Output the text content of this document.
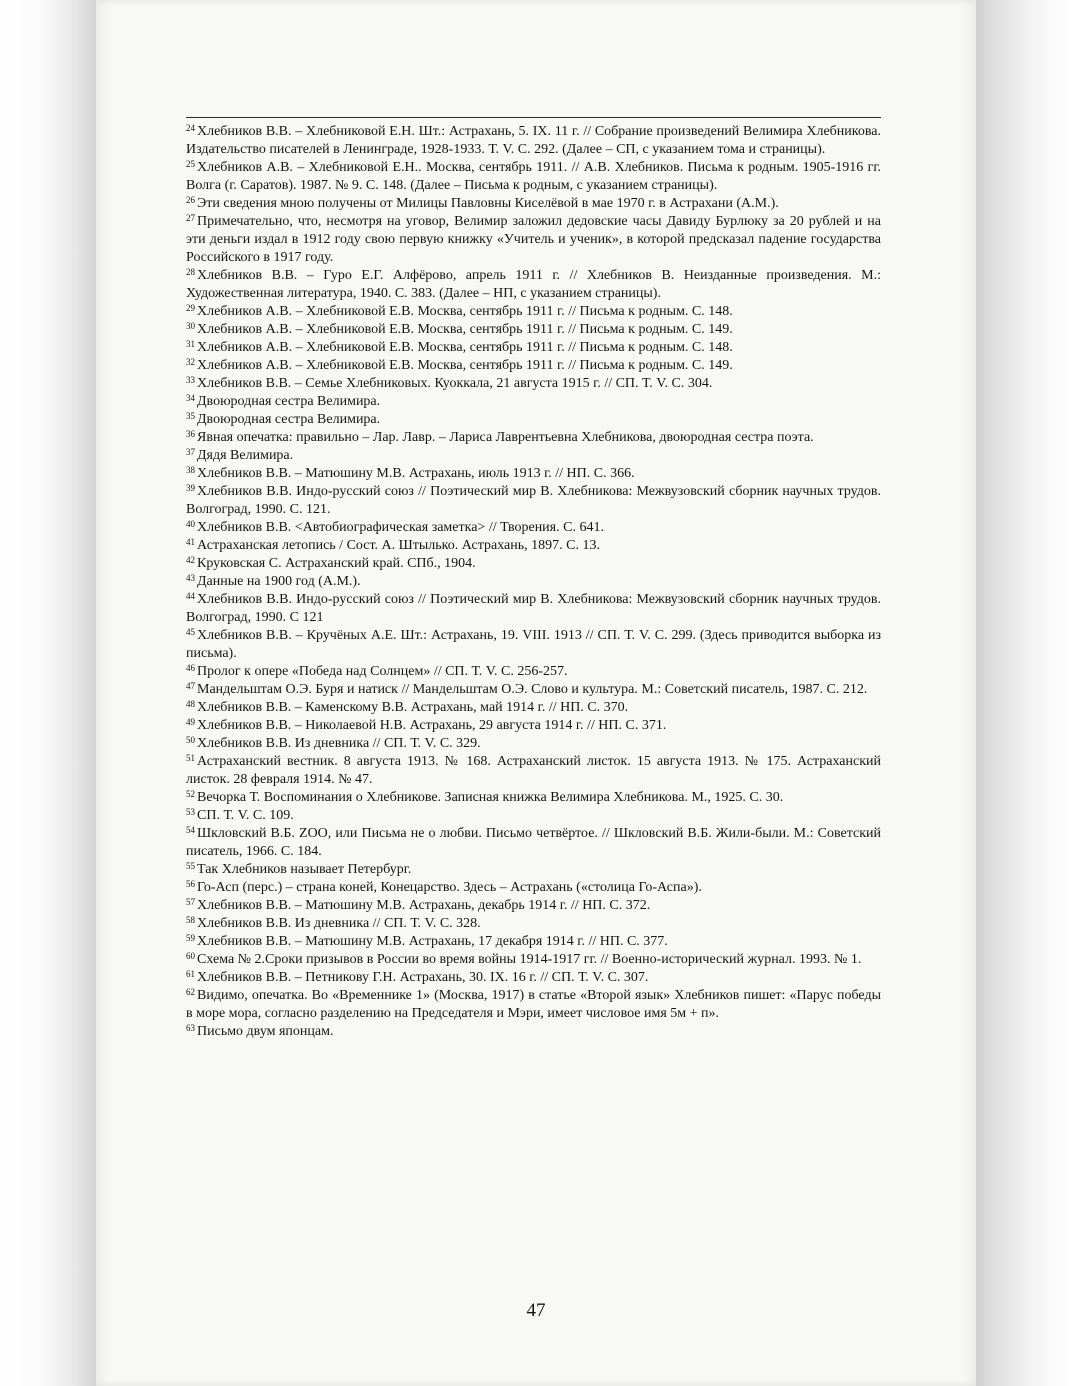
$^{24}$ Хлебников В.В. – Хлебниковой Е.Н. Шт.: Астрахань, 5. IX. 11 г. // Собрание произведений Велимира Хлебникова. Издательство писателей в Ленинграде, 1928-1933. Т. V. С. 292. (Далее – СП, с указанием тома и страницы).

$^{25}$ Хлебников А.В. – Хлебниковой Е.Н.. Москва, сентябрь 1911. // А.В. Хлебников. Письма к родным. 1905-1916 гг. Волга (г. Саратов). 1987. № 9. С. 148. (Далее – Письма к родным, с указанием страницы).

$^{26}$ Эти сведения мною получены от Милицы Павловны Киселёвой в мае 1970 г. в Астрахани (А.М.).

$^{27}$ Примечательно, что, несмотря на уговор, Велимир заложил дедовские часы Давиду Бурлюку за 20 рублей и на эти деньги издал в 1912 году свою первую книжку «Учитель и ученик», в которой предсказал падение государства Российского в 1917 году.

$^{28}$ Хлебников В.В. – Гуро Е.Г. Алфёрово, апрель 1911 г. // Хлебников В. Неизданные произведения. М.: Художественная литература, 1940. С. 383. (Далее – НП, с указанием страницы).

$^{29}$ Хлебников А.В. – Хлебниковой Е.В. Москва, сентябрь 1911 г. // Письма к родным. С. 148.

$^{30}$ Хлебников А.В. – Хлебниковой Е.В. Москва, сентябрь 1911 г. // Письма к родным. С. 149.

$^{31}$ Хлебников А.В. – Хлебниковой Е.В. Москва, сентябрь 1911 г. // Письма к родным. С. 148.

$^{32}$ Хлебников А.В. – Хлебниковой Е.В. Москва, сентябрь 1911 г. // Письма к родным. С. 149.

$^{33}$ Хлебников В.В. – Семье Хлебниковых. Куоккала, 21 августа 1915 г. // СП. Т. V. С. 304.

$^{34}$ Двоюродная сестра Велимира.

$^{35}$ Двоюродная сестра Велимира.

$^{36}$ Явная опечатка: правильно – Лар. Лавр. – Лариса Лаврентьевна Хлебникова, двоюродная сестра поэта.

$^{37}$ Дядя Велимира.

$^{38}$ Хлебников В.В. – Матюшину М.В. Астрахань, июль 1913 г. // НП. С. 366.

$^{39}$ Хлебников В.В. Индо-русский союз // Поэтический мир В. Хлебникова: Межвузовский сборник научных трудов. Волгоград, 1990. С. 121.

$^{40}$ Хлебников В.В. <Автобиографическая заметка> // Творения. С. 641.

$^{41}$ Астраханская летопись / Сост. А. Штылько. Астрахань, 1897. С. 13.

$^{42}$ Круковская С. Астраханский край. СПб., 1904.

$^{43}$ Данные на 1900 год (А.М.).

$^{44}$ Хлебников В.В. Индо-русский союз // Поэтический мир В. Хлебникова: Межвузовский сборник научных трудов. Волгоград, 1990. С 121

$^{45}$ Хлебников В.В. – Кручёных А.Е. Шт.: Астрахань, 19. VIII. 1913 // СП. Т. V. С. 299. (Здесь приводится выборка из письма).

$^{46}$ Пролог к опере «Победа над Солнцем» // СП. Т. V. С. 256-257.

$^{47}$ Мандельштам О.Э. Буря и натиск // Мандельштам О.Э. Слово и культура. М.: Советский писатель, 1987. С. 212.

$^{48}$ Хлебников В.В. – Каменскому В.В. Астрахань, май 1914 г. // НП. С. 370.

$^{49}$ Хлебников В.В. – Николаевой Н.В. Астрахань, 29 августа 1914 г. // НП. С. 371.

$^{50}$ Хлебников В.В. Из дневника // СП. Т. V. С. 329.

$^{51}$ Астраханский вестник. 8 августа 1913. № 168. Астраханский листок. 15 августа 1913. № 175. Астраханский листок. 28 февраля 1914. № 47.

$^{52}$ Вечорка Т. Воспоминания о Хлебникове. Записная книжка Велимира Хлебникова. М., 1925. С. 30.

$^{53}$ СП. Т. V. С. 109.

$^{54}$ Шкловский В.Б. ZOO, или Письма не о любви. Письмо четвёртое. // Шкловский В.Б. Жили-были. М.: Советский писатель, 1966. С. 184.

$^{55}$ Так Хлебников называет Петербург.

$^{56}$ Го-Асп (перс.) – страна коней, Конецарство. Здесь – Астрахань («столица Го-Аспа»).

$^{57}$ Хлебников В.В. – Матюшину М.В. Астрахань, декабрь 1914 г. // НП. С. 372.

$^{58}$ Хлебников В.В. Из дневника // СП. Т. V. С. 328.

$^{59}$ Хлебников В.В. – Матюшину М.В. Астрахань, 17 декабря 1914 г. // НП. С. 377.

$^{60}$ Схема № 2.Сроки призывов в России во время войны 1914-1917 гг. // Военно-исторический журнал. 1993. № 1.

$^{61}$ Хлебников В.В. – Петникову Г.Н. Астрахань, 30. IX. 16 г. // СП. Т. V. С. 307.

$^{62}$ Видимо, опечатка. Во «Временнике 1» (Москва, 1917) в статье «Второй язык» Хлебников пишет: «Парус победы в море мора, согласно разделению на Председателя и Мэри, имеет числовое имя 5м + п».

$^{63}$ Письмо двум японцам.

47
